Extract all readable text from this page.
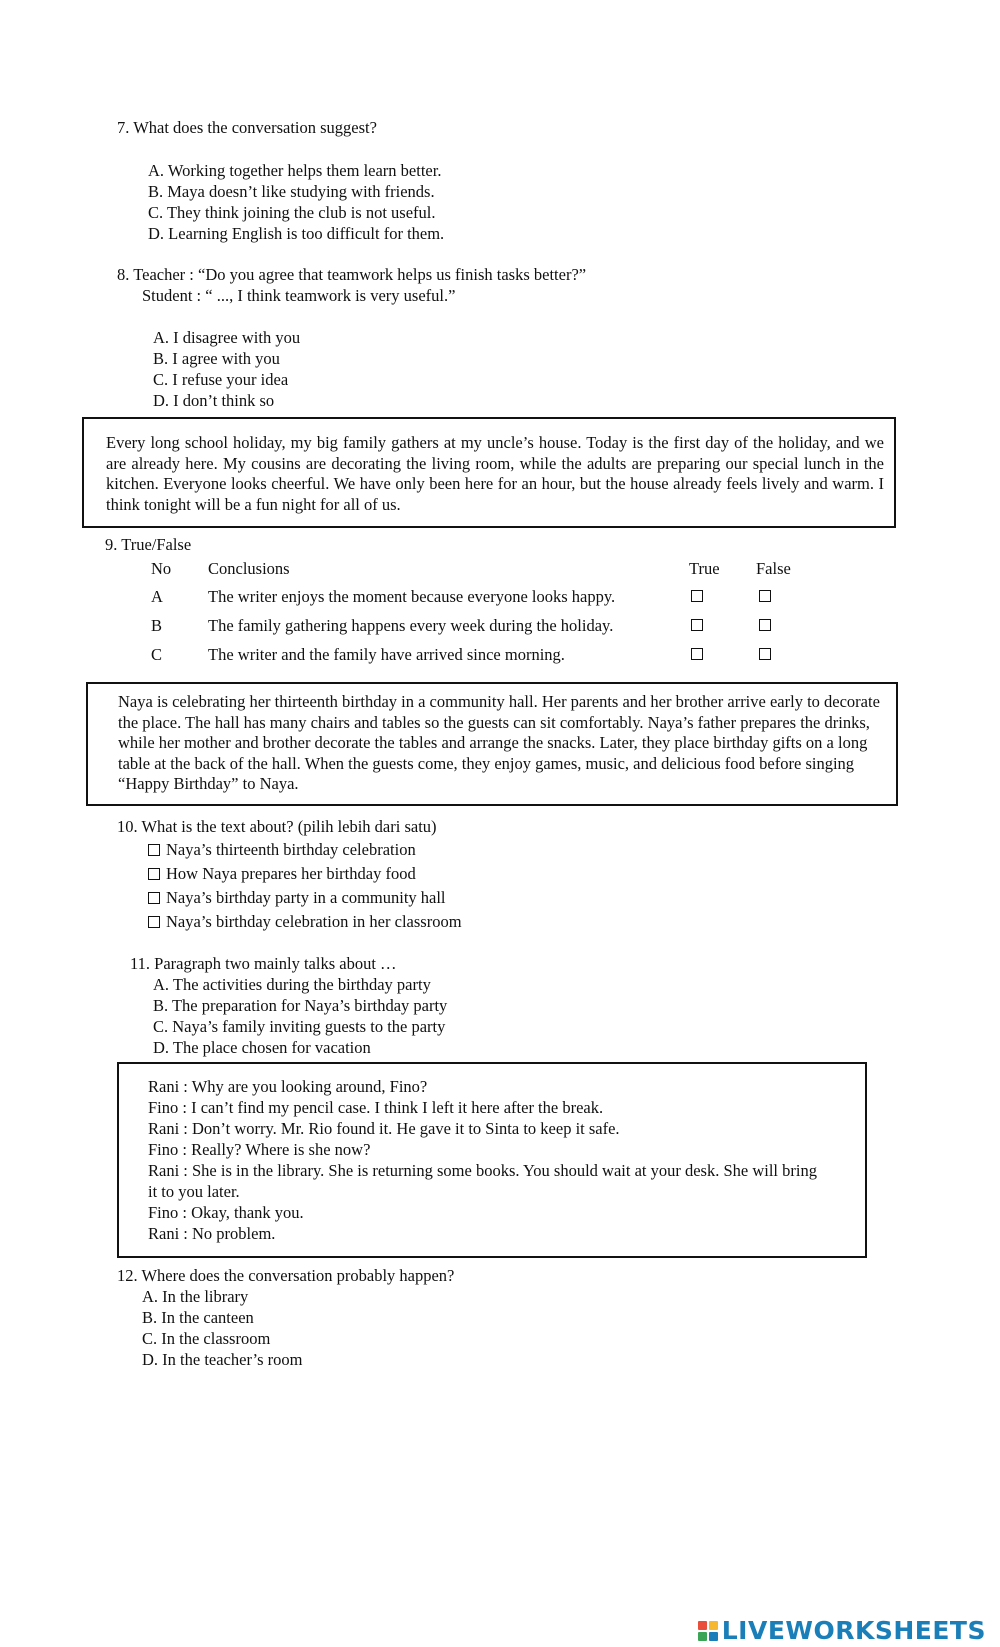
7. What does the conversation suggest?
A. Working together helps them learn better.
B. Maya doesn’t like studying with friends.
C. They think joining the club is not useful.
D. Learning English is too difficult for them.
8. Teacher : “Do you agree that teamwork helps us finish tasks better?”
Student : “ ..., I think teamwork is very useful.”
A. I disagree with you
B. I agree with you
C. I refuse your idea
D. I don’t think so
Every long school holiday, my big family gathers at my uncle’s house. Today is the first day of the holiday, and we are already here. My cousins are decorating the living room, while the adults are preparing our special lunch in the kitchen. Everyone looks cheerful. We have only been here for an hour, but the house already feels lively and warm. I think tonight will be a fun night for all of us.
9. True/False
No Conclusions	True False
A	The writer enjoys the moment because everyone looks happy.
B	The family gathering happens every week during the holiday.
C	The writer and the family have arrived since morning.
Naya is celebrating her thirteenth birthday in a community hall. Her parents and her brother arrive early to decorate the place. The hall has many chairs and tables so the guests can sit comfortably. Naya’s father prepares the drinks, while her mother and brother decorate the tables and arrange the snacks. Later, they place birthday gifts on a long table at the back of the hall. When the guests come, they enjoy games, music, and delicious food before singing “Happy Birthday” to Naya.
10. What is the text about? (pilih lebih dari satu)
Naya’s thirteenth birthday celebration
How Naya prepares her birthday food
Naya’s birthday party in a community hall
Naya’s birthday celebration in her classroom
11. Paragraph two mainly talks about …
A. The activities during the birthday party
B. The preparation for Naya’s birthday party
C. Naya’s family inviting guests to the party
D. The place chosen for vacation
Rani : Why are you looking around, Fino?
Fino : I can’t find my pencil case. I think I left it here after the break.
Rani : Don’t worry. Mr. Rio found it. He gave it to Sinta to keep it safe.
Fino : Really? Where is she now?
Rani : She is in the library. She is returning some books. You should wait at your desk. She will bring
it to you later.
Fino : Okay, thank you.
Rani : No problem.
12. Where does the conversation probably happen?
A. In the library
B. In the canteen
C. In the classroom
D. In the teacher’s room
LIVEWORKSHEETS
